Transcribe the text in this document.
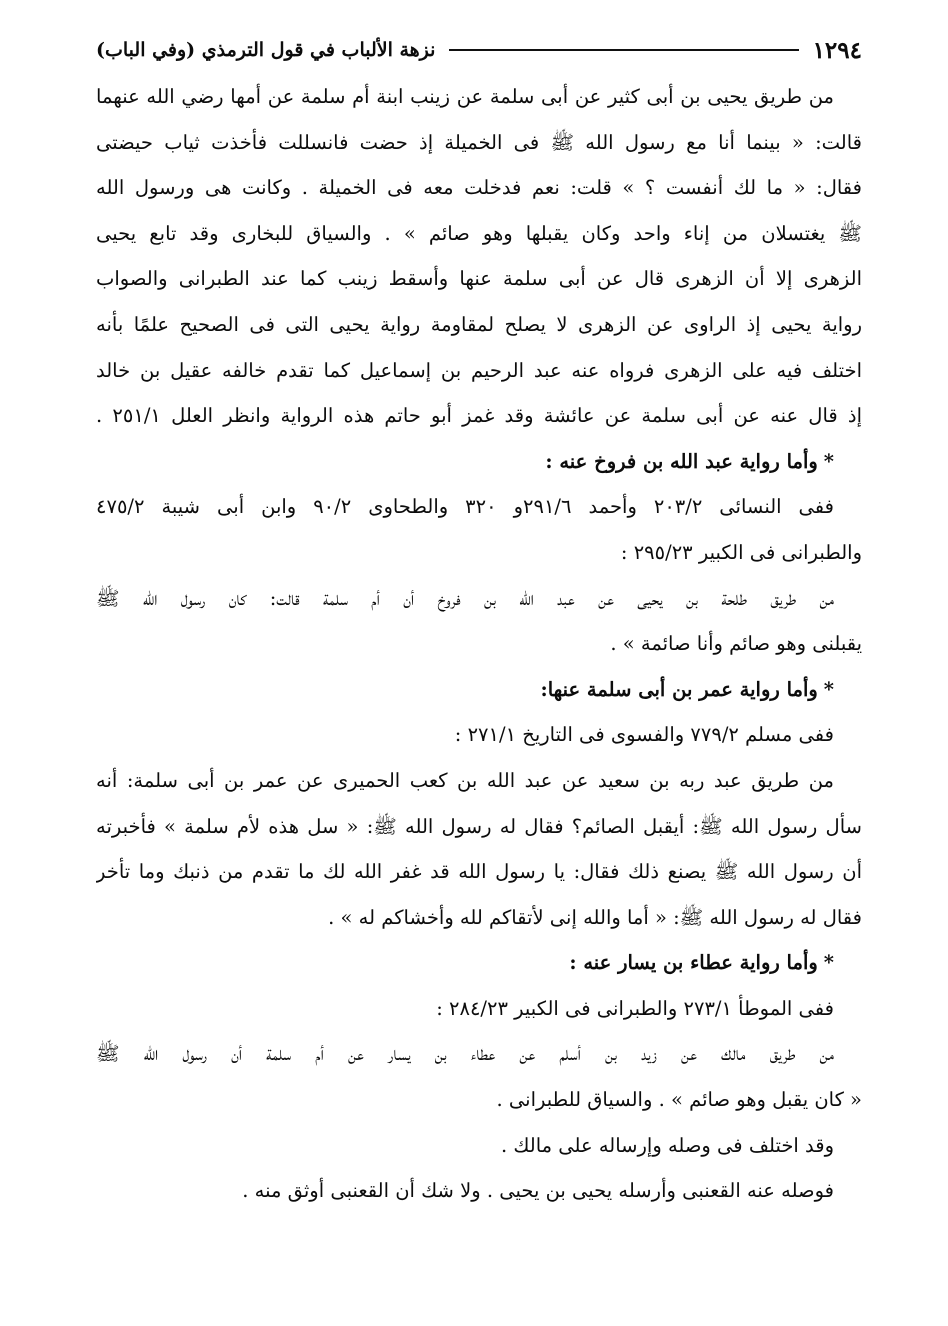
١٢٩٤
نزهة الألباب في قول الترمذي (وفي الباب)
من طريق يحيى بن أبى كثير عن أبى سلمة عن زينب ابنة أم سلمة عن أمها رضي الله عنهما
قالت: « بينما أنا مع رسول الله ﷺ فى الخميلة إذ حضت فانسللت فأخذت ثياب حيضتى
فقال: « ما لك أنفست ؟ » قلت: نعم فدخلت معه فى الخميلة . وكانت هى ورسول الله
ﷺ يغتسلان من إناء واحد وكان يقبلها وهو صائم » . والسياق للبخارى وقد تابع يحيى
الزهرى إلا أن الزهرى قال عن أبى سلمة عنها وأسقط زينب كما عند الطبرانى والصواب
رواية يحيى إذ الراوى عن الزهرى لا يصلح لمقاومة رواية يحيى التى فى الصحيح علمًا بأنه
اختلف فيه على الزهرى فرواه عنه عبد الرحيم بن إسماعيل كما تقدم خالفه عقيل بن خالد
إذ قال عنه عن أبى سلمة عن عائشة وقد غمز أبو حاتم هذه الرواية وانظر العلل ٢٥١/١ .
*وأما رواية عبد الله بن فروخ عنه :
ففى النسائى ٢٠٣/٢ وأحمد ٢٩١/٦و ٣٢٠ والطحاوى ٩٠/٢ وابن أبى شيبة ٤٧٥/٢
والطبرانى فى الكبير ٢٩٥/٢٣ :
من طريق طلحة بن يحيى عن عبد الله بن فروخ أن أم سلمة قالت: كان رسول الله ﷺ
يقبلنى وهو صائم وأنا صائمة » .
*وأما رواية عمر بن أبى سلمة عنها:
ففى مسلم ٧٧٩/٢ والفسوى فى التاريخ ٢٧١/١ :
من طريق عبد ربه بن سعيد عن عبد الله بن كعب الحميرى عن عمر بن أبى سلمة: أنه
سأل رسول الله ﷺ: أيقبل الصائم؟ فقال له رسول الله ﷺ: « سل هذه لأم سلمة » فأخبرته
أن رسول الله ﷺ يصنع ذلك فقال: يا رسول الله قد غفر الله لك ما تقدم من ذنبك وما تأخر
فقال له رسول الله ﷺ: « أما والله إنى لأتقاكم لله وأخشاكم له » .
*وأما رواية عطاء بن يسار عنه :
ففى الموطأ ٢٧٣/١ والطبرانى فى الكبير ٢٨٤/٢٣ :
من طريق مالك عن زيد بن أسلم عن عطاء بن يسار عن أم سلمة أن رسول الله ﷺ
« كان يقبل وهو صائم » . والسياق للطبرانى .
وقد اختلف فى وصله وإرساله على مالك .
فوصله عنه القعنبى وأرسله يحيى بن يحيى . ولا شك أن القعنبى أوثق منه .
